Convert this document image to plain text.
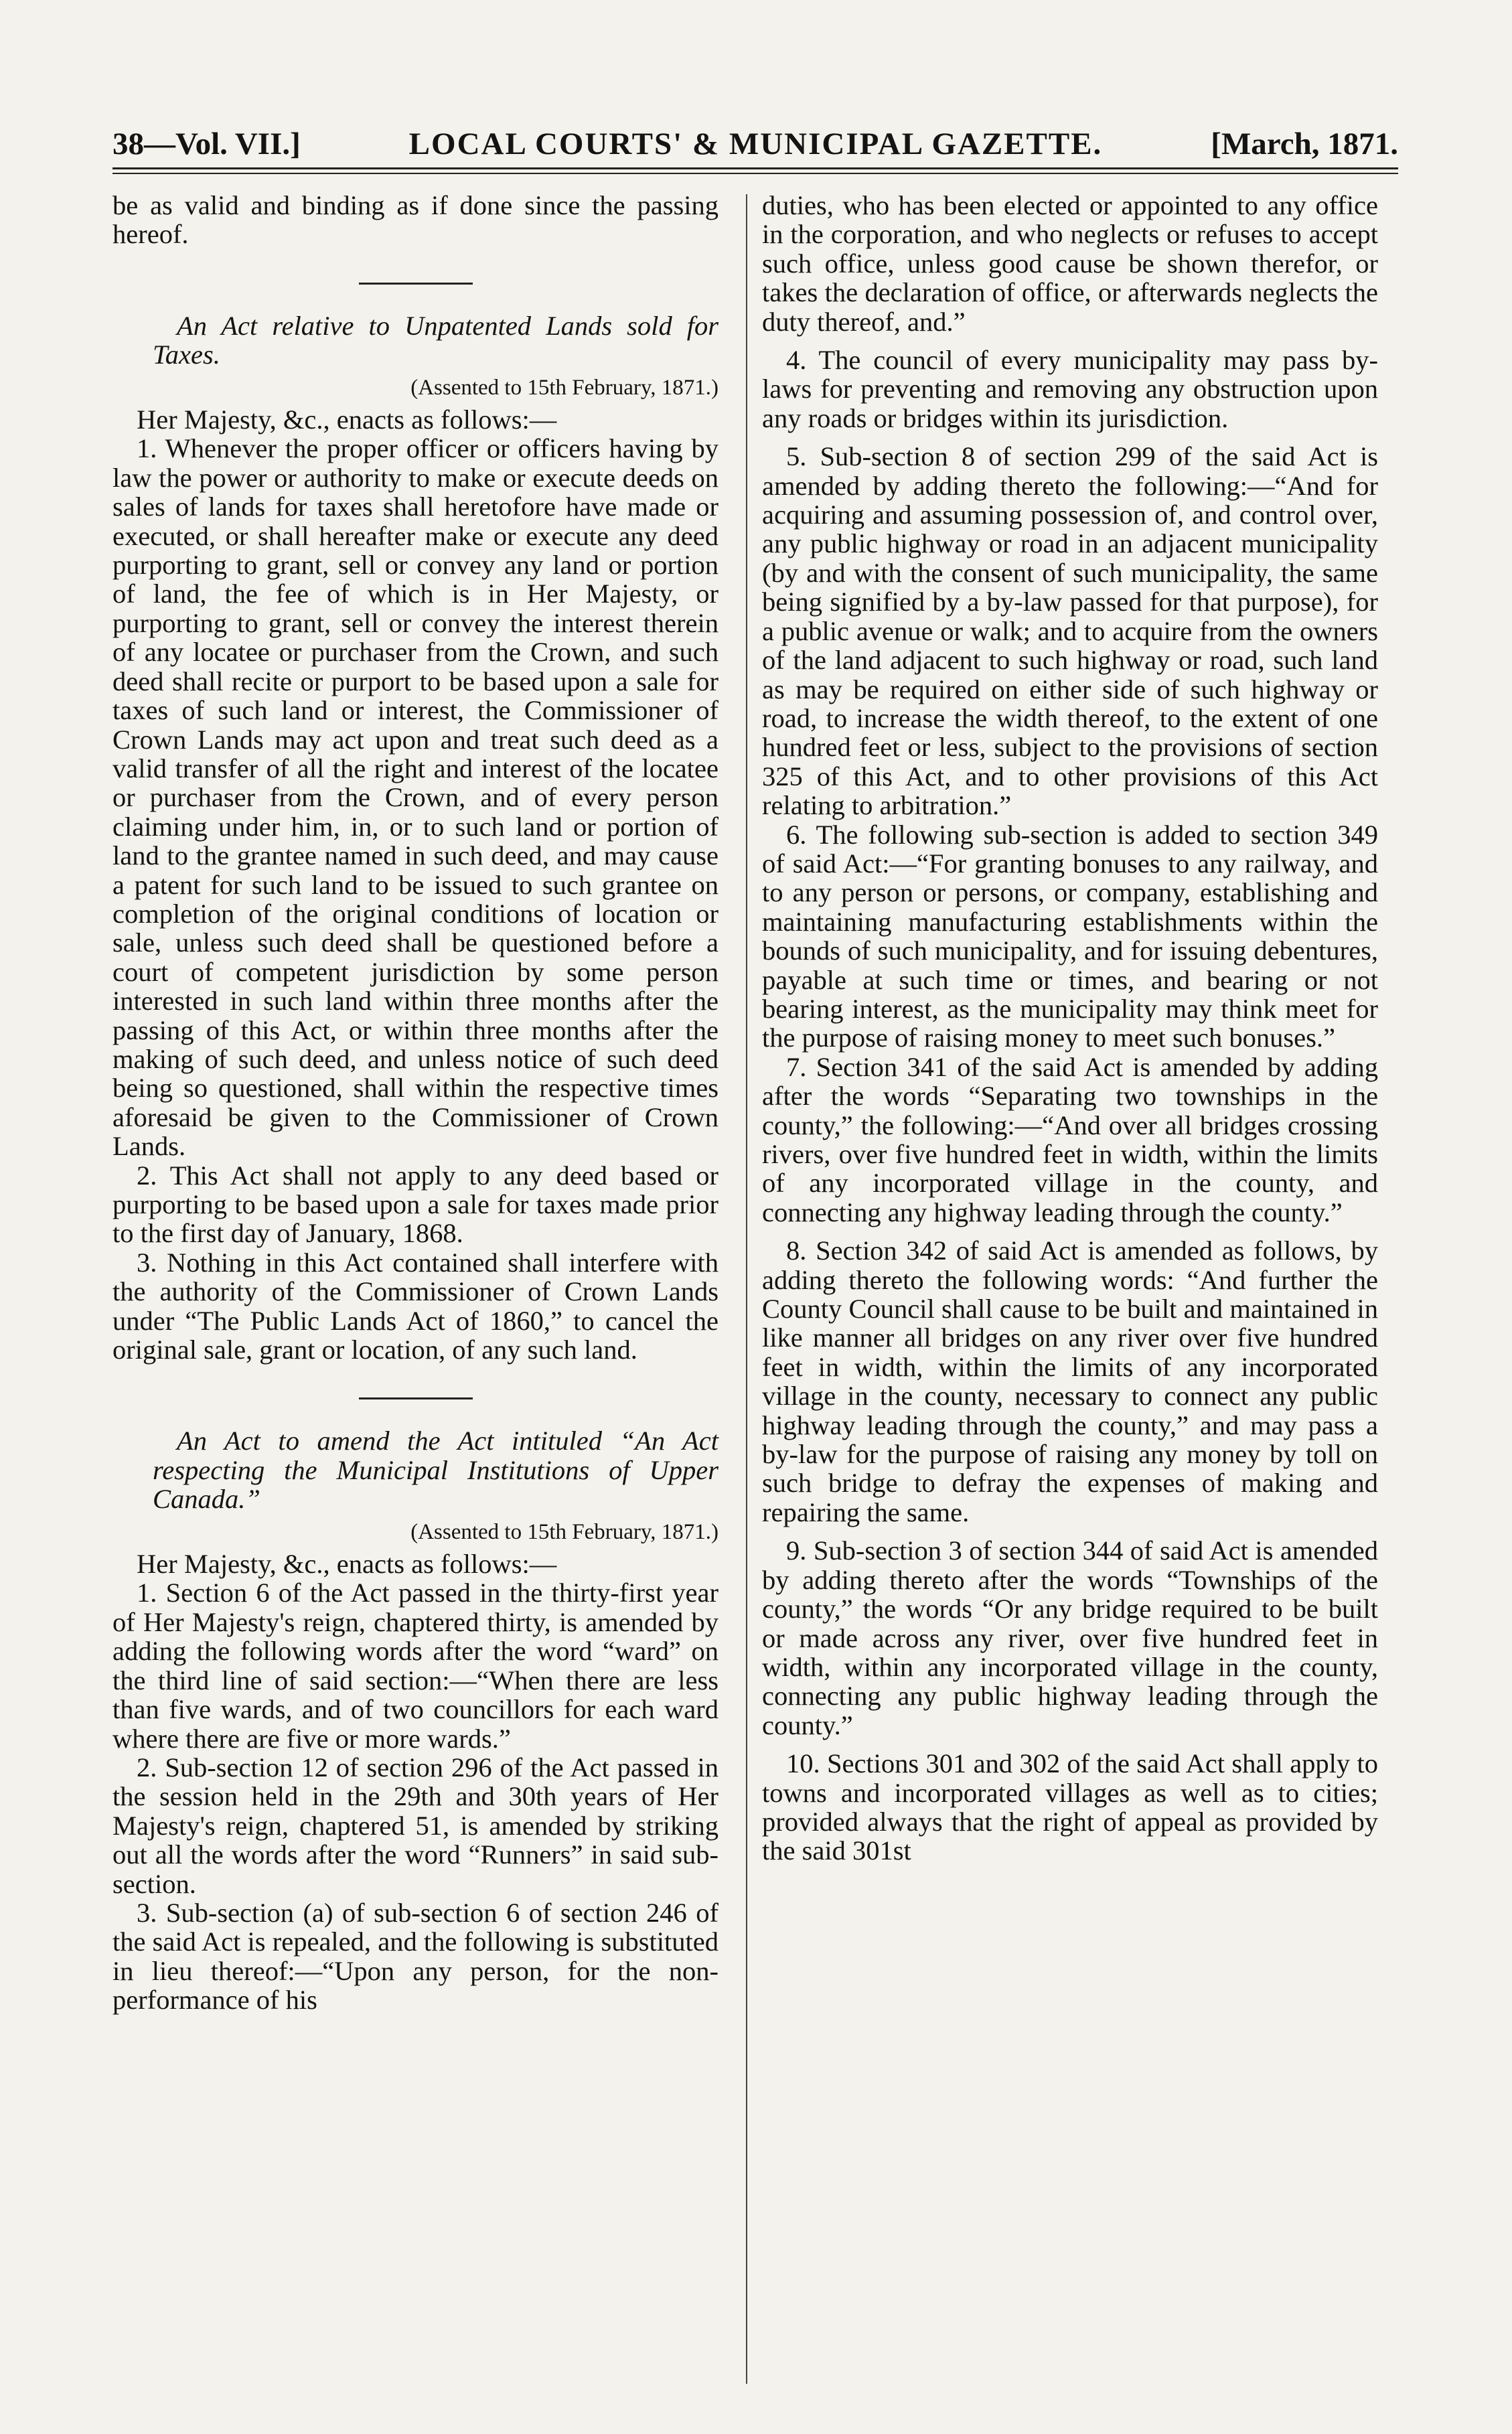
38—Vol. VII.]	LOCAL COURTS' & MUNICIPAL GAZETTE.	[March, 1871.

be as valid and binding as if done since the passing hereof.

An Act relative to Unpatented Lands sold for Taxes.

(Assented to 15th February, 1871.)

Her Majesty, &c., enacts as follows:—

1. Whenever the proper officer or officers having by law the power or authority to make or execute deeds on sales of lands for taxes shall heretofore have made or executed, or shall hereafter make or execute any deed purporting to grant, sell or convey any land or portion of land, the fee of which is in Her Majesty, or purporting to grant, sell or convey the interest therein of any locatee or purchaser from the Crown, and such deed shall recite or purport to be based upon a sale for taxes of such land or interest, the Commissioner of Crown Lands may act upon and treat such deed as a valid transfer of all the right and interest of the locatee or purchaser from the Crown, and of every person claiming under him, in, or to such land or portion of land to the grantee named in such deed, and may cause a patent for such land to be issued to such grantee on completion of the original conditions of location or sale, unless such deed shall be questioned before a court of competent jurisdiction by some person interested in such land within three months after the passing of this Act, or within three months after the making of such deed, and unless notice of such deed being so questioned, shall within the respective times aforesaid be given to the Commissioner of Crown Lands.

2. This Act shall not apply to any deed based or purporting to be based upon a sale for taxes made prior to the first day of January, 1868.

3. Nothing in this Act contained shall interfere with the authority of the Commissioner of Crown Lands under “The Public Lands Act of 1860,” to cancel the original sale, grant or location, of any such land.

An Act to amend the Act intituled “An Act respecting the Municipal Institutions of Upper Canada.”

(Assented to 15th February, 1871.)

Her Majesty, &c., enacts as follows:—

1. Section 6 of the Act passed in the thirty-first year of Her Majesty's reign, chaptered thirty, is amended by adding the following words after the word “ward” on the third line of said section:—“When there are less than five wards, and of two councillors for each ward where there are five or more wards.”

2. Sub-section 12 of section 296 of the Act passed in the session held in the 29th and 30th years of Her Majesty's reign, chaptered 51, is amended by striking out all the words after the word “Runners” in said sub-section.

3. Sub-section (a) of sub-section 6 of section 246 of the said Act is repealed, and the following is substituted in lieu thereof:—“Upon any person, for the non-performance of his

duties, who has been elected or appointed to any office in the corporation, and who neglects or refuses to accept such office, unless good cause be shown therefor, or takes the declaration of office, or afterwards neglects the duty thereof, and.”

4. The council of every municipality may pass by-laws for preventing and removing any obstruction upon any roads or bridges within its jurisdiction.

5. Sub-section 8 of section 299 of the said Act is amended by adding thereto the following:—“And for acquiring and assuming possession of, and control over, any public highway or road in an adjacent municipality (by and with the consent of such municipality, the same being signified by a by-law passed for that purpose), for a public avenue or walk; and to acquire from the owners of the land adjacent to such highway or road, such land as may be required on either side of such highway or road, to increase the width thereof, to the extent of one hundred feet or less, subject to the provisions of section 325 of this Act, and to other provisions of this Act relating to arbitration.”

6. The following sub-section is added to section 349 of said Act:—“For granting bonuses to any railway, and to any person or persons, or company, establishing and maintaining manufacturing establishments within the bounds of such municipality, and for issuing debentures, payable at such time or times, and bearing or not bearing interest, as the municipality may think meet for the purpose of raising money to meet such bonuses.”

7. Section 341 of the said Act is amended by adding after the words “Separating two townships in the county,” the following:—“And over all bridges crossing rivers, over five hundred feet in width, within the limits of any incorporated village in the county, and connecting any highway leading through the county.”

8. Section 342 of said Act is amended as follows, by adding thereto the following words: “And further the County Council shall cause to be built and maintained in like manner all bridges on any river over five hundred feet in width, within the limits of any incorporated village in the county, necessary to connect any public highway leading through the county,” and may pass a by-law for the purpose of raising any money by toll on such bridge to defray the expenses of making and repairing the same.

9. Sub-section 3 of section 344 of said Act is amended by adding thereto after the words “Townships of the county,” the words “Or any bridge required to be built or made across any river, over five hundred feet in width, within any incorporated village in the county, connecting any public highway leading through the county.”

10. Sections 301 and 302 of the said Act shall apply to towns and incorporated villages as well as to cities; provided always that the right of appeal as provided by the said 301st
